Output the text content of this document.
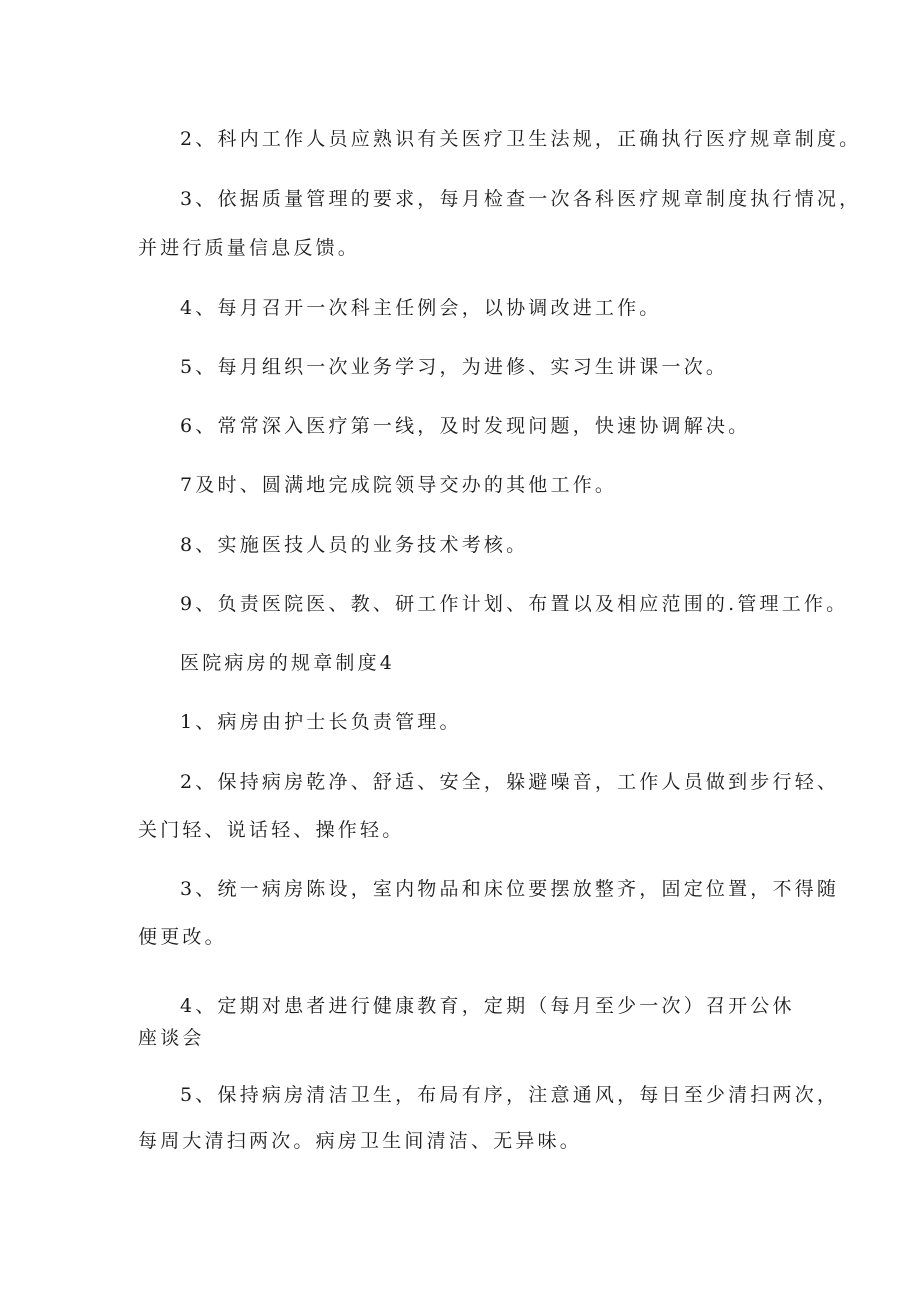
2、科内工作人员应熟识有关医疗卫生法规，正确执行医疗规章制度。
3、依据质量管理的要求，每月检查一次各科医疗规章制度执行情况，
并进行质量信息反馈。
4、每月召开一次科主任例会，以协调改进工作。
5、每月组织一次业务学习，为进修、实习生讲课一次。
6、常常深入医疗第一线，及时发现问题，快速协调解决。
7及时、圆满地完成院领导交办的其他工作。
8、实施医技人员的业务技术考核。
9、负责医院医、教、研工作计划、布置以及相应范围的.管理工作。
医院病房的规章制度4
1、病房由护士长负责管理。
2、保持病房乾净、舒适、安全，躲避噪音，工作人员做到步行轻、
关门轻、说话轻、操作轻。
3、统一病房陈设，室内物品和床位要摆放整齐，固定位置，不得随
便更改。
4、定期对患者进行健康教育，定期（每月至少一次）召开公休
座谈会
5、保持病房清洁卫生，布局有序，注意通风，每日至少清扫两次，
每周大清扫两次。病房卫生间清洁、无异味。
